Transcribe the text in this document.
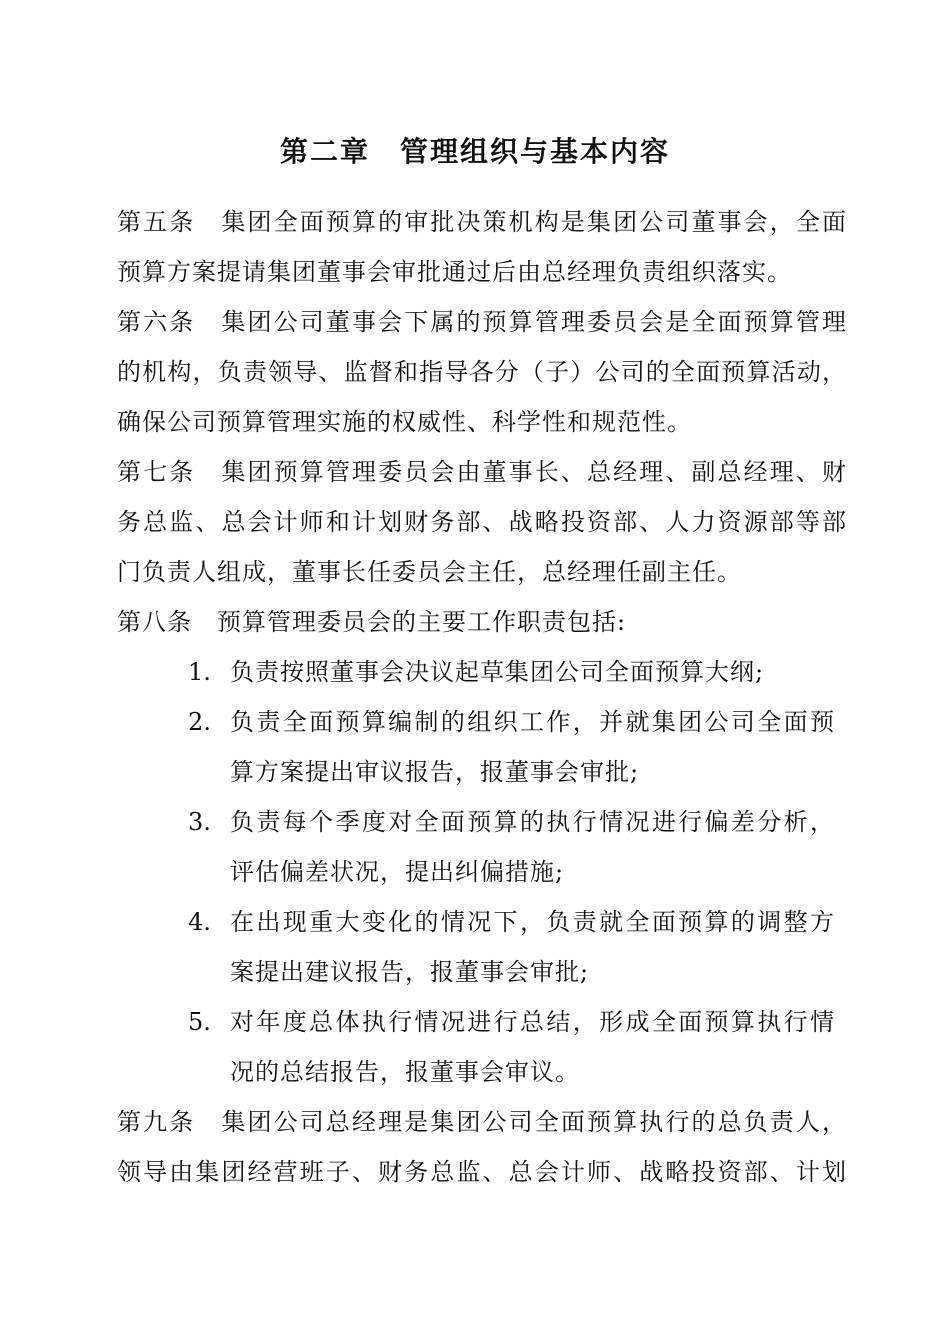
第二章　管理组织与基本内容
第五条　集团全面预算的审批决策机构是集团公司董事会，全面
预算方案提请集团董事会审批通过后由总经理负责组织落实。
第六条　集团公司董事会下属的预算管理委员会是全面预算管理
的机构，负责领导、监督和指导各分（子）公司的全面预算活动，
确保公司预算管理实施的权威性、科学性和规范性。
第七条　集团预算管理委员会由董事长、总经理、副总经理、财
务总监、总会计师和计划财务部、战略投资部、人力资源部等部
门负责人组成，董事长任委员会主任，总经理任副主任。
第八条　预算管理委员会的主要工作职责包括:
1. 负责按照董事会决议起草集团公司全面预算大纲;
2. 负责全面预算编制的组织工作，并就集团公司全面预
算方案提出审议报告，报董事会审批;
3. 负责每个季度对全面预算的执行情况进行偏差分析，
评估偏差状况，提出纠偏措施;
4. 在出现重大变化的情况下，负责就全面预算的调整方
案提出建议报告，报董事会审批;
5. 对年度总体执行情况进行总结，形成全面预算执行情
况的总结报告，报董事会审议。
第九条　集团公司总经理是集团公司全面预算执行的总负责人，
领导由集团经营班子、财务总监、总会计师、战略投资部、计划
